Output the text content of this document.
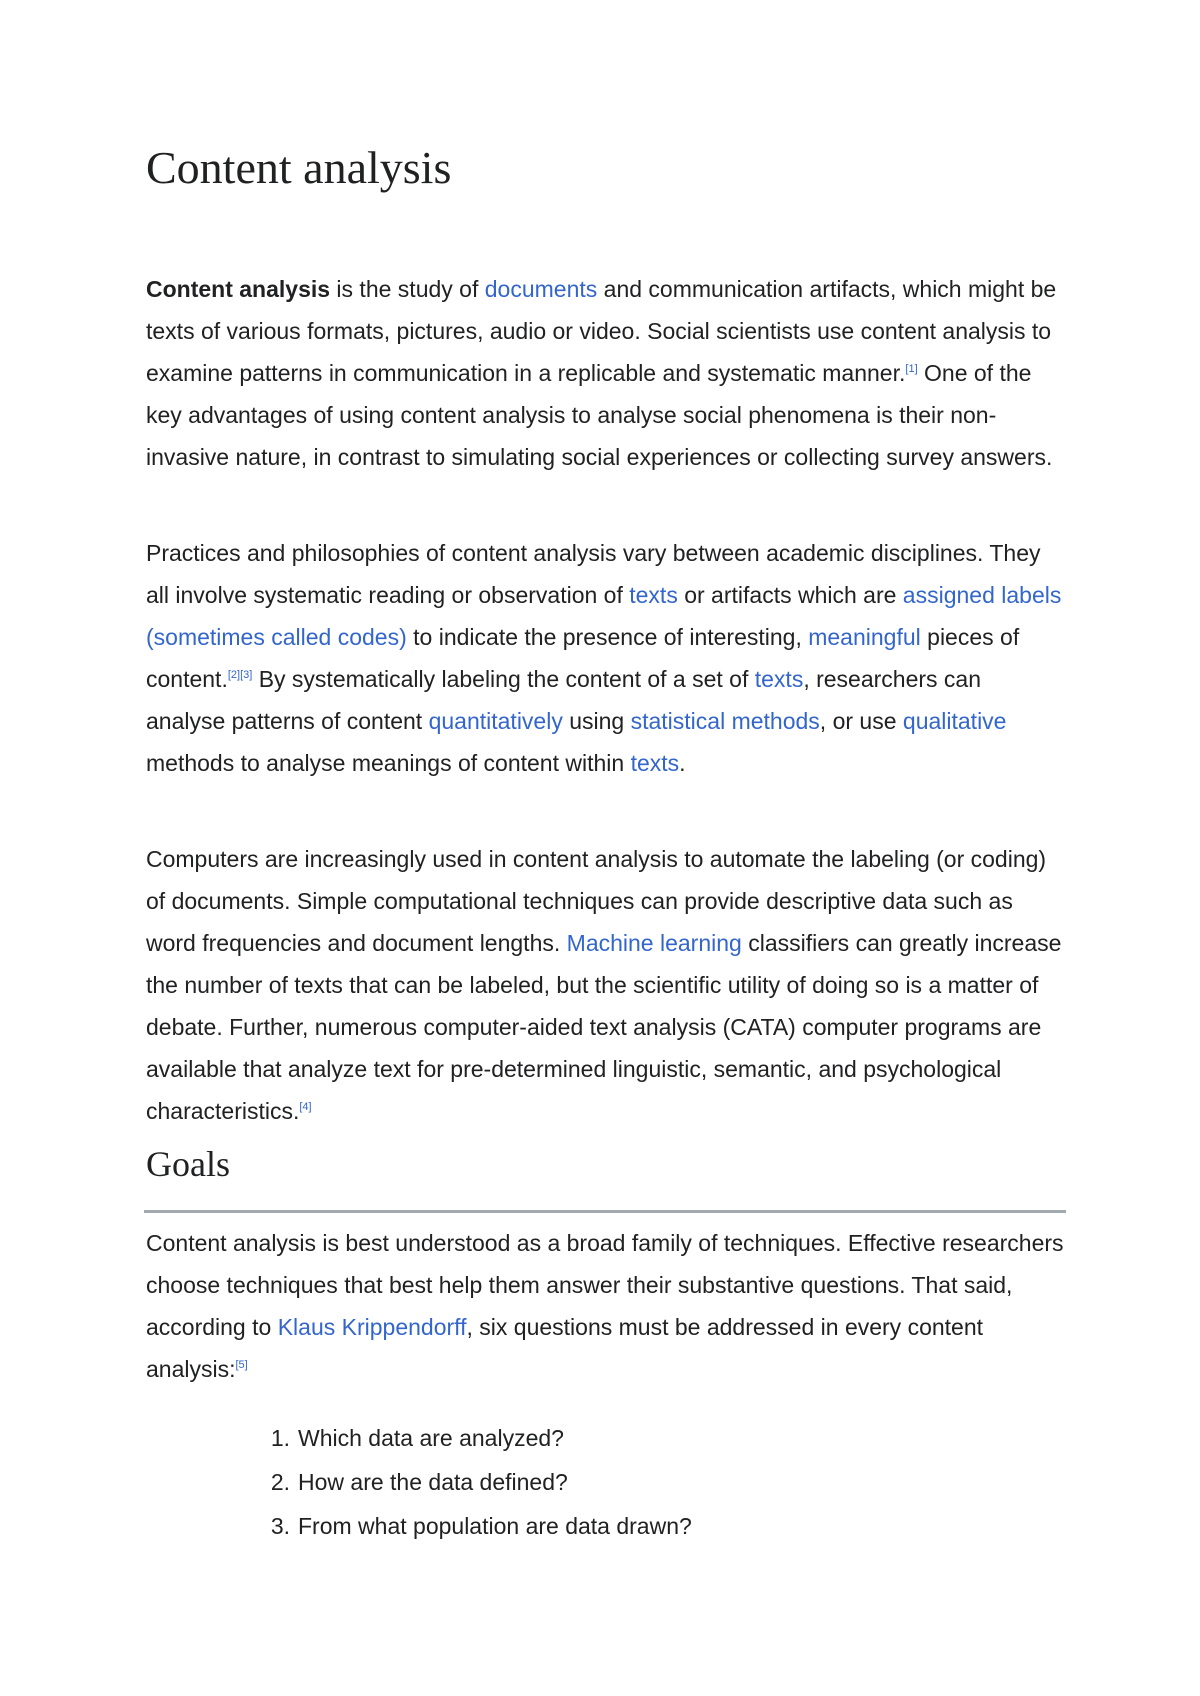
Content analysis

Content analysis is the study of documents and communication artifacts, which might be texts of various formats, pictures, audio or video. Social scientists use content analysis to examine patterns in communication in a replicable and systematic manner.[1] One of the key advantages of using content analysis to analyse social phenomena is their non-invasive nature, in contrast to simulating social experiences or collecting survey answers.

Practices and philosophies of content analysis vary between academic disciplines. They all involve systematic reading or observation of texts or artifacts which are assigned labels (sometimes called codes) to indicate the presence of interesting, meaningful pieces of content.[2][3] By systematically labeling the content of a set of texts, researchers can analyse patterns of content quantitatively using statistical methods, or use qualitative methods to analyse meanings of content within texts.

Computers are increasingly used in content analysis to automate the labeling (or coding) of documents. Simple computational techniques can provide descriptive data such as word frequencies and document lengths. Machine learning classifiers can greatly increase the number of texts that can be labeled, but the scientific utility of doing so is a matter of debate. Further, numerous computer-aided text analysis (CATA) computer programs are available that analyze text for pre-determined linguistic, semantic, and psychological characteristics.[4]

Goals

Content analysis is best understood as a broad family of techniques. Effective researchers choose techniques that best help them answer their substantive questions. That said, according to Klaus Krippendorff, six questions must be addressed in every content analysis:[5]

1. Which data are analyzed?
2. How are the data defined?
3. From what population are data drawn?
